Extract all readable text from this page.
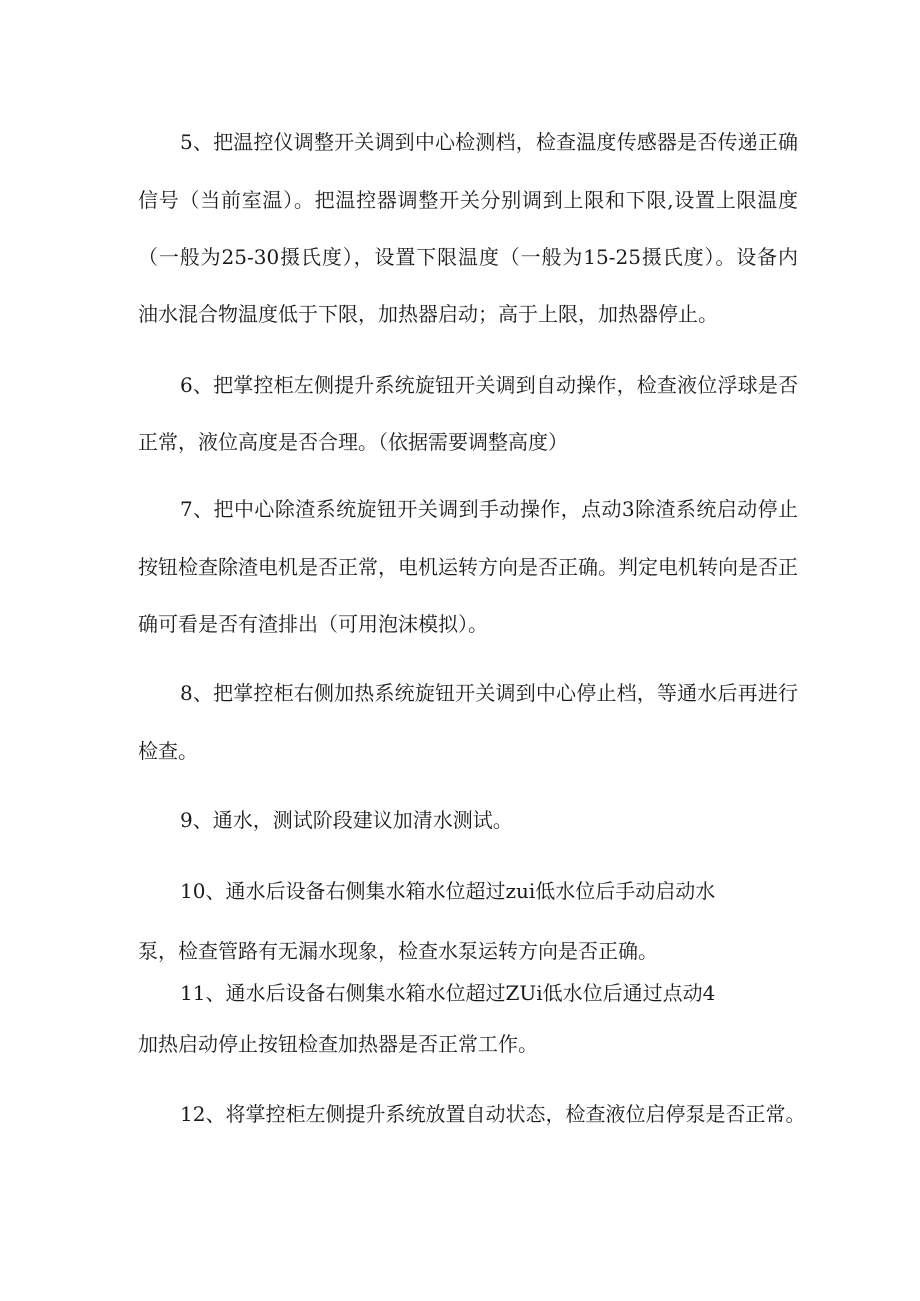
5、把温控仪调整开关调到中心检测档，检查温度传感器是否传递正确
信号（当前室温）。把温控器调整开关分别调到上限和下限,设置上限温度
（一般为25-30摄氏度），设置下限温度（一般为15-25摄氏度）。设备内
油水混合物温度低于下限，加热器启动；高于上限，加热器停止。
6、把掌控柜左侧提升系统旋钮开关调到自动操作，检查液位浮球是否
正常，液位高度是否合理。（依据需要调整高度）
7、把中心除渣系统旋钮开关调到手动操作，点动3除渣系统启动停止
按钮检查除渣电机是否正常，电机运转方向是否正确。判定电机转向是否正
确可看是否有渣排出（可用泡沫模拟）。
8、把掌控柜右侧加热系统旋钮开关调到中心停止档，等通水后再进行
检查。
9、通水，测试阶段建议加清水测试。
10、通水后设备右侧集水箱水位超过zui低水位后手动启动水
泵，检查管路有无漏水现象，检查水泵运转方向是否正确。
11、通水后设备右侧集水箱水位超过ZUi低水位后通过点动4
加热启动停止按钮检查加热器是否正常工作。
12、将掌控柜左侧提升系统放置自动状态，检查液位启停泵是否正常。
